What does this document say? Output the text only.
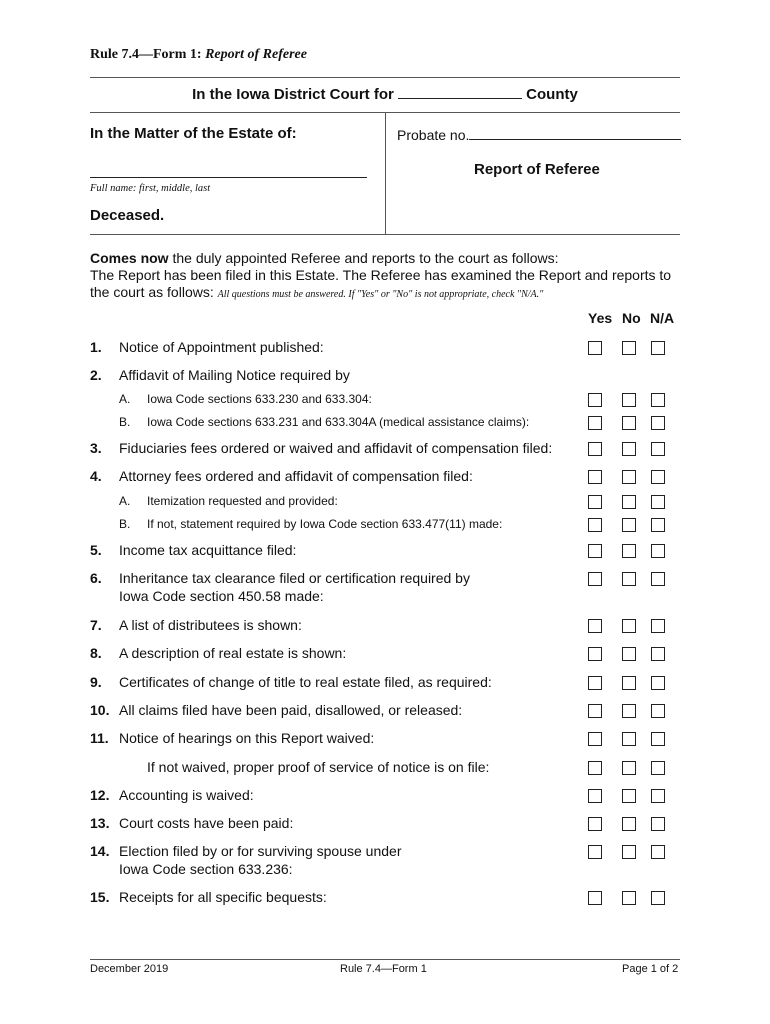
Rule 7.4—Form 1: Report of Referee
In the Iowa District Court for	County
In the Matter of the Estate of:	Probate no.
Report of Referee
Full name: first, middle, last
Deceased.
Comes now the duly appointed Referee and reports to the court as follows:
The Report has been filed in this Estate. The Referee has examined the Report and reports to the court as follows: All questions must be answered. If "Yes" or "No" is not appropriate, check "N/A."
Yes No N/A
1. Notice of Appointment published:
2. Affidavit of Mailing Notice required by
A. Iowa Code sections 633.230 and 633.304:
B. Iowa Code sections 633.231 and 633.304A (medical assistance claims):
3. Fiduciaries fees ordered or waived and affidavit of compensation filed:
4. Attorney fees ordered and affidavit of compensation filed:
A. Itemization requested and provided:
B. If not, statement required by Iowa Code section 633.477(11) made:
5. Income tax acquittance filed:
6. Inheritance tax clearance filed or certification required by
Iowa Code section 450.58 made:
7. A list of distributees is shown:
8. A description of real estate is shown:
9. Certificates of change of title to real estate filed, as required:
10. All claims filed have been paid, disallowed, or released:
11. Notice of hearings on this Report waived:
If not waived, proper proof of service of notice is on file:
12. Accounting is waived:
13. Court costs have been paid:
14. Election filed by or for surviving spouse under
Iowa Code section 633.236:
15. Receipts for all specific bequests:
December 2019	Rule 7.4—Form 1	Page 1 of 2
